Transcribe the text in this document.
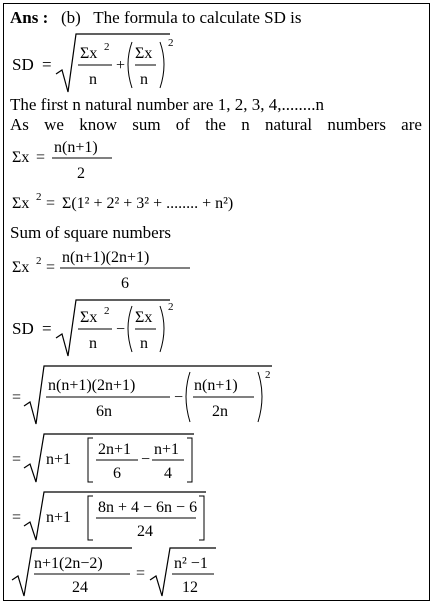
Ans : (b) The formula to calculate SD is
SD =
Σx 2
n
+
Σx
n
2
The first n natural number are 1, 2, 3, 4,........n
As we know sum of the n natural numbers are
Σx =
n(n+1)
2
Σx 2 = Σ(1² + 2² + 3² + ........ + n²)
Sum of square numbers
Σx 2 =
n(n+1)(2n+1)
6
SD =
Σx 2
n
−
Σx
n
2
=
n(n+1)(2n+1)
6n
−
n(n+1)
2n
2
= n+1
2n+1
6
−
n+1
4
= n+1
8n + 4 − 6n − 6
24
n+1(2n−2)
24
=
n² −1
12
